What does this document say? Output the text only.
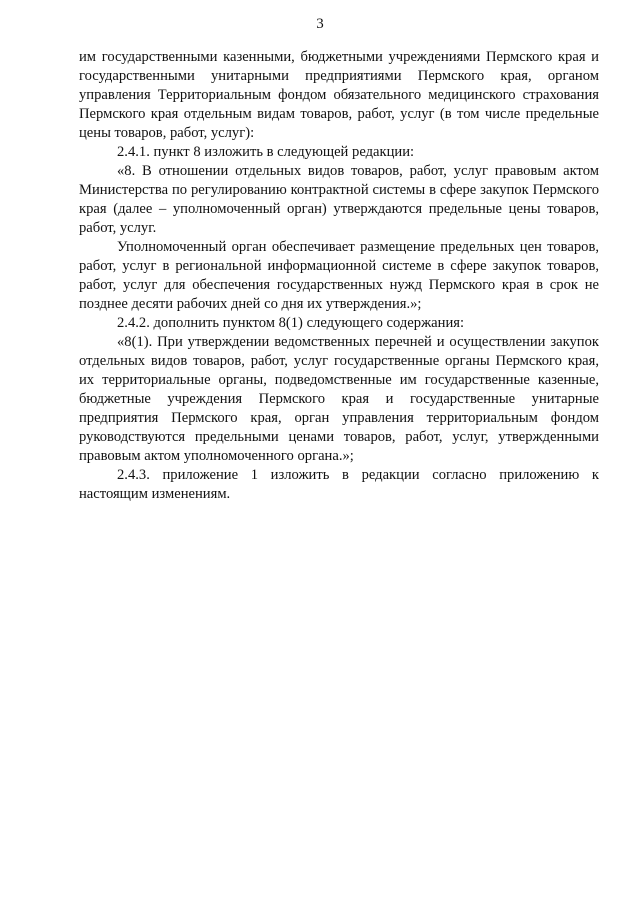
3

им государственными казенными, бюджетными учреждениями Пермского края и государственными унитарными предприятиями Пермского края, органом управления Территориальным фондом обязательного медицинского страхования Пермского края отдельным видам товаров, работ, услуг (в том числе предельные цены товаров, работ, услуг):

2.4.1. пункт 8 изложить в следующей редакции:

«8. В отношении отдельных видов товаров, работ, услуг правовым актом Министерства по регулированию контрактной системы в сфере закупок Пермского края (далее – уполномоченный орган) утверждаются предельные цены товаров, работ, услуг.

Уполномоченный орган обеспечивает размещение предельных цен товаров, работ, услуг в региональной информационной системе в сфере закупок товаров, работ, услуг для обеспечения государственных нужд Пермского края в срок не позднее десяти рабочих дней со дня их утверждения.»;

2.4.2. дополнить пунктом 8(1) следующего содержания:

«8(1). При утверждении ведомственных перечней и осуществлении закупок отдельных видов товаров, работ, услуг государственные органы Пермского края, их территориальные органы, подведомственные им государственные казенные, бюджетные учреждения Пермского края и государственные унитарные предприятия Пермского края, орган управления территориальным фондом руководствуются предельными ценами товаров, работ, услуг, утвержденными правовым актом уполномоченного органа.»;

2.4.3. приложение 1 изложить в редакции согласно приложению к настоящим изменениям.
